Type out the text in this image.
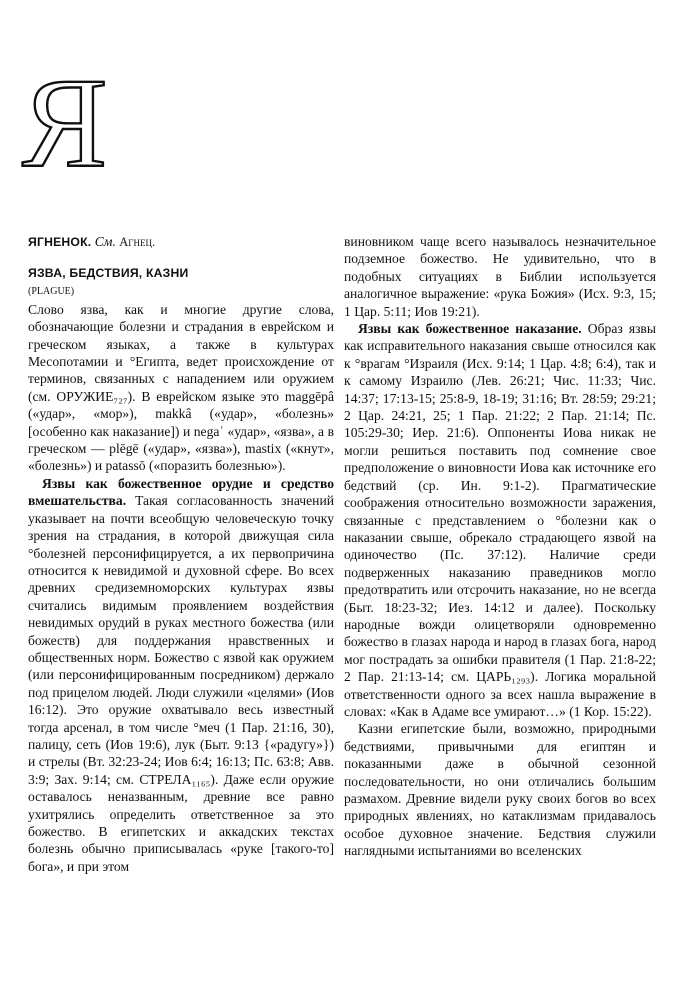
Я

ЯГНЕНОК. См. Агнец.

ЯЗВА, БЕДСТВИЯ, КАЗНИ

(PLAGUE)

Слово язва, как и многие другие слова, обозначающие болезни и страдания в еврейском и греческом языках, а также в культурах Месопотамии и °Египта, ведет происхождение от терминов, связанных с нападением или оружием (см. ОРУЖИЕ₇₂₇). В еврейском языке это maggēpâ («удар», «мор»), makkâ («удар», «болезнь» [особенно как наказание]) и negaʿ «удар», «язва», а в греческом — plēgē («удар», «язва»), mastix («кнут», «болезнь») и patassō («поразить болезнью»).

Язвы как божественное орудие и средство вмешательства. Такая согласованность значений указывает на почти всеобщую человеческую точку зрения на страдания, в которой движущая сила °болезней персонифицируется, а их первопричина относится к невидимой и духовной сфере. Во всех древних средиземноморских культурах язвы считались видимым проявлением воздействия невидимых орудий в руках местного божества (или божеств) для поддержания нравственных и общественных норм. Божество с язвой как оружием (или персонифицированным посредником) держало под прицелом людей. Люди служили «целями» (Иов 16:12). Это оружие охватывало весь известный тогда арсенал, в том числе °меч (1 Пар. 21:16, 30), палицу, сеть (Иов 19:6), лук (Быт. 9:13 {«радугу»}) и стрелы (Вт. 32:23-24; Иов 6:4; 16:13; Пс. 63:8; Авв. 3:9; Зах. 9:14; см. СТРЕЛА₁₁₆₅). Даже если оружие оставалось неназванным, древние все равно ухитрялись определить ответственное за это божество. В египетских и аккадских текстах болезнь обычно приписывалась «руке [такого-то] бога», и при этом

виновником чаще всего называлось незначительное подземное божество. Не удивительно, что в подобных ситуациях в Библии используется аналогичное выражение: «рука Божия» (Исх. 9:3, 15; 1 Цар. 5:11; Иов 19:21).

Язвы как божественное наказание. Образ язвы как исправительного наказания свыше относился как к °врагам °Израиля (Исх. 9:14; 1 Цар. 4:8; 6:4), так и к самому Израилю (Лев. 26:21; Чис. 11:33; Чис. 14:37; 17:13-15; 25:8-9, 18-19; 31:16; Вт. 28:59; 29:21; 2 Цар. 24:21, 25; 1 Пар. 21:22; 2 Пар. 21:14; Пс. 105:29-30; Иер. 21:6). Оппоненты Иова никак не могли решиться поставить под сомнение свое предположение о виновности Иова как источнике его бедствий (ср. Ин. 9:1-2). Прагматические соображения относительно возможности заражения, связанные с представлением о °болезни как о наказании свыше, обрекало страдающего язвой на одиночество (Пс. 37:12). Наличие среди подверженных наказанию праведников могло предотвратить или отсрочить наказание, но не всегда (Быт. 18:23-32; Иез. 14:12 и далее). Поскольку народные вожди олицетворяли одновременно божество в глазах народа и народ в глазах бога, народ мог пострадать за ошибки правителя (1 Пар. 21:8-22; 2 Пар. 21:13-14; см. ЦАРЬ₁₂₉₃). Логика моральной ответственности одного за всех нашла выражение в словах: «Как в Адаме все умирают…» (1 Кор. 15:22).

Казни египетские были, возможно, природными бедствиями, привычными для египтян и показанными даже в обычной сезонной последовательности, но они отличались большим размахом. Древние видели руку своих богов во всех природных явлениях, но катаклизмам придавалось особое духовное значение. Бедствия служили наглядными испытаниями во вселенских
